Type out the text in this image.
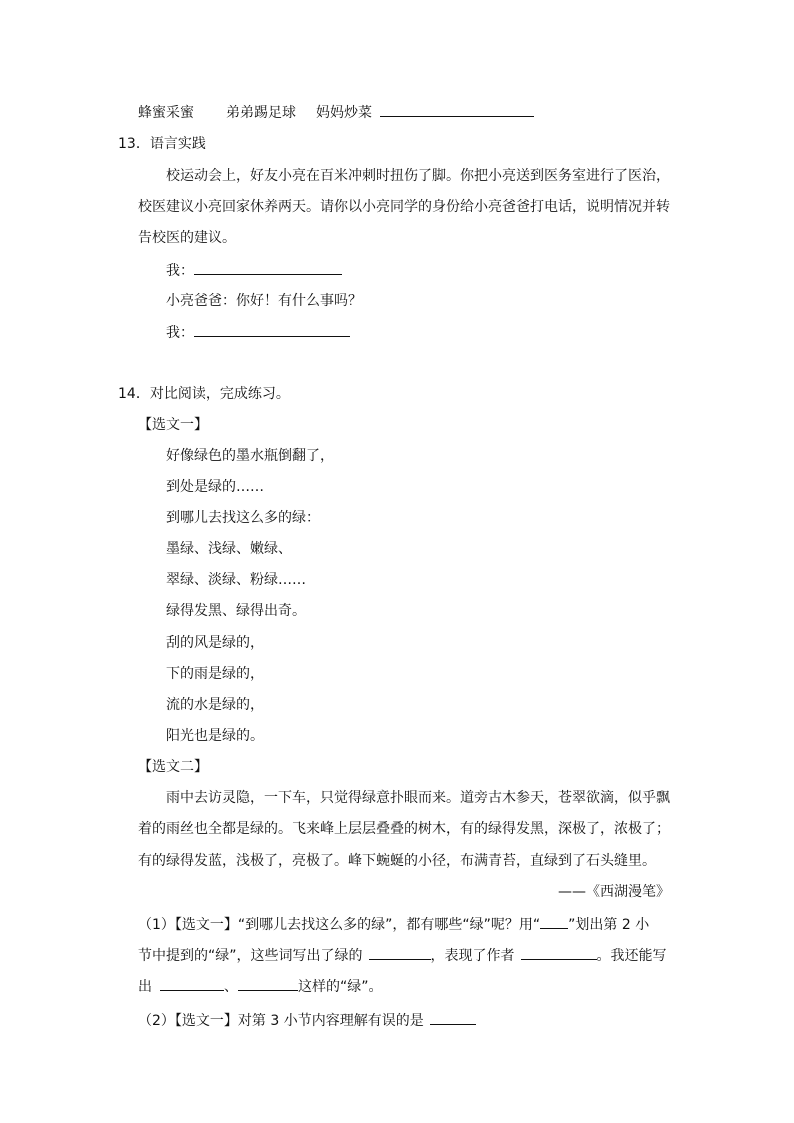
蜂蜜采蜜 弟弟踢足球 妈妈炒菜
13．语言实践
校运动会上，好友小亮在百米冲刺时扭伤了脚。你把小亮送到医务室进行了医治，
校医建议小亮回家休养两天。请你以小亮同学的身份给小亮爸爸打电话，说明情况并转
告校医的建议。
我：
小亮爸爸：你好！有什么事吗？
我：
14．对比阅读，完成练习。
【选文一】
好像绿色的墨水瓶倒翻了，
到处是绿的……
到哪儿去找这么多的绿：
墨绿、浅绿、嫩绿、
翠绿、淡绿、粉绿……
绿得发黑、绿得出奇。
刮的风是绿的，
下的雨是绿的，
流的水是绿的，
阳光也是绿的。
【选文二】
雨中去访灵隐，一下车，只觉得绿意扑眼而来。道旁古木参天，苍翠欲滴，似乎飘
着的雨丝也全都是绿的。飞来峰上层层叠叠的树木，有的绿得发黑，深极了，浓极了；
有的绿得发蓝，浅极了，亮极了。峰下蜿蜒的小径，布满青苔，直绿到了石头缝里。
——《西湖漫笔》
（1）【选文一】“到哪儿去找这么多的绿”，都有哪些“绿”呢？用“ ”划出第 2 小
节中提到的“绿”，这些词写出了绿的	，表现了作者	。我还能写
出	、	这样的“绿”。
（2）【选文一】对第 3 小节内容理解有误的是
